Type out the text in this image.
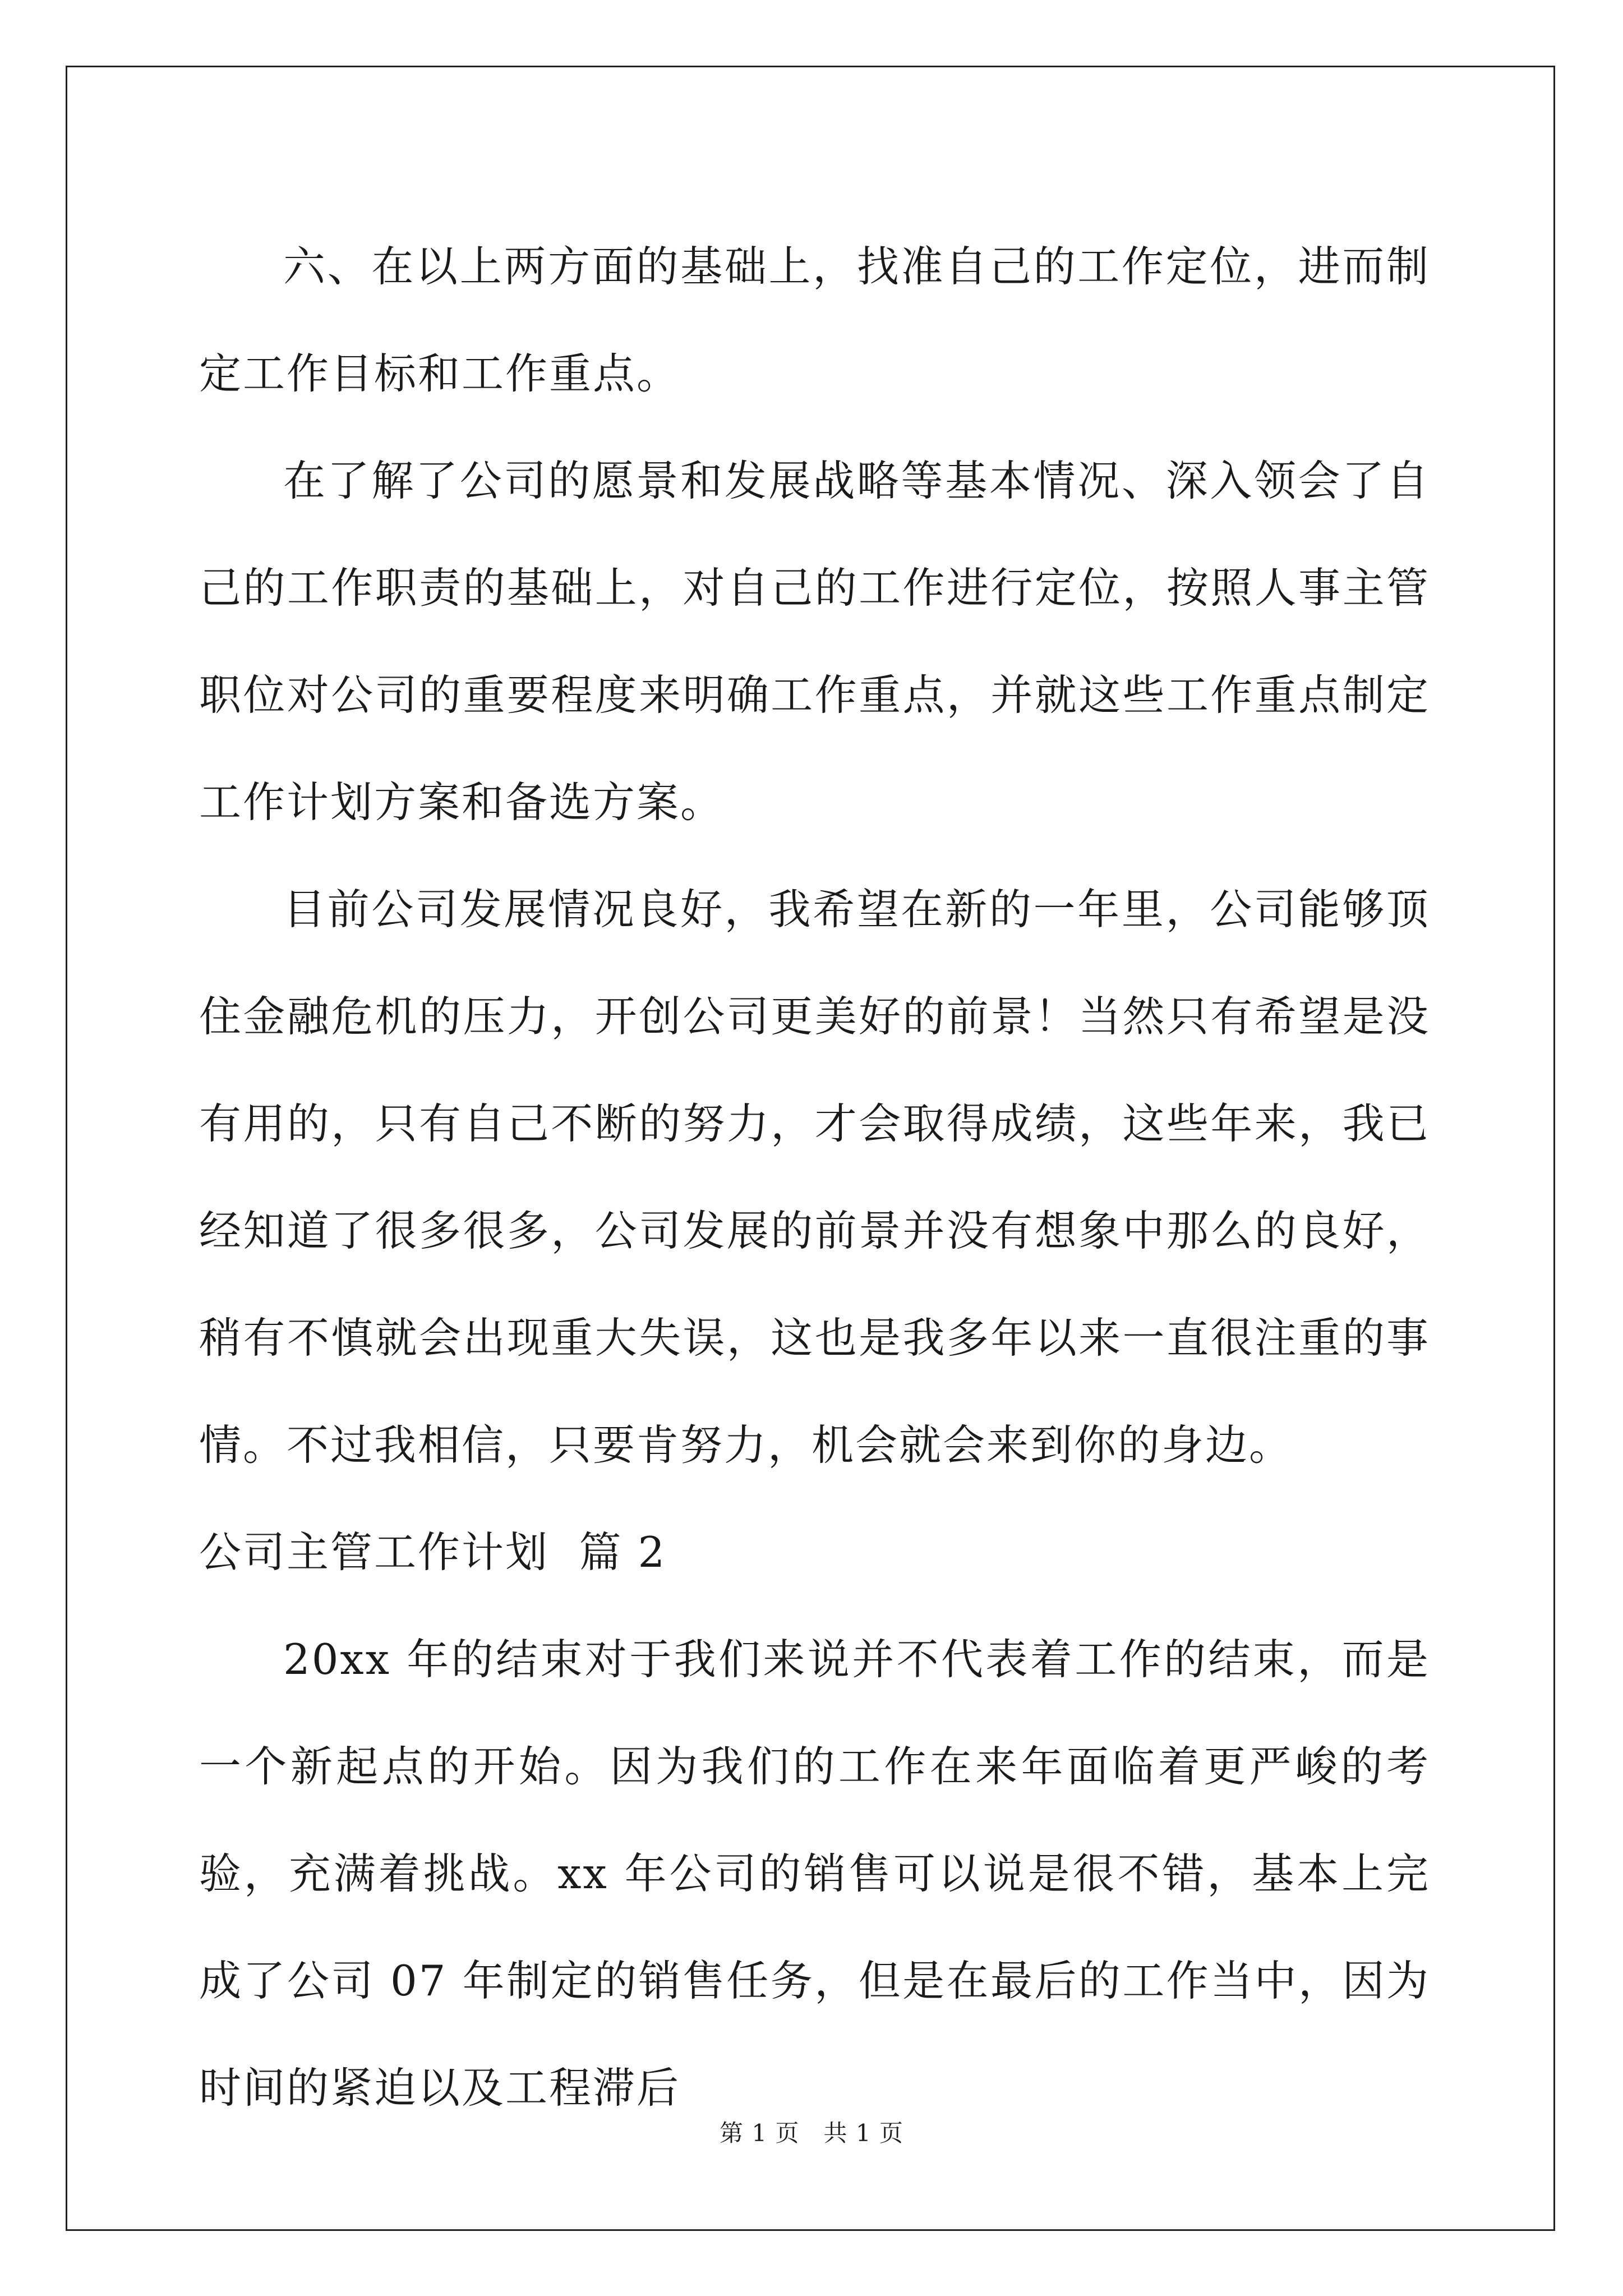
六、在以上两方面的基础上，找准自己的工作定位，进而制定工作目标和工作重点。

在了解了公司的愿景和发展战略等基本情况、深入领会了自己的工作职责的基础上，对自己的工作进行定位，按照人事主管职位对公司的重要程度来明确工作重点，并就这些工作重点制定工作计划方案和备选方案。

目前公司发展情况良好，我希望在新的一年里，公司能够顶住金融危机的压力，开创公司更美好的前景！当然只有希望是没有用的，只有自己不断的努力，才会取得成绩，这些年来，我已经知道了很多很多，公司发展的前景并没有想象中那么的良好，稍有不慎就会出现重大失误，这也是我多年以来一直很注重的事情。不过我相信，只要肯努力，机会就会来到你的身边。

公司主管工作计划  篇 2

20xx 年的结束对于我们来说并不代表着工作的结束，而是一个新起点的开始。因为我们的工作在来年面临着更严峻的考验，充满着挑战。xx 年公司的销售可以说是很不错，基本上完成了公司 07 年制定的销售任务，但是在最后的工作当中，因为时间的紧迫以及工程滞后

第 1 页   共 1 页
